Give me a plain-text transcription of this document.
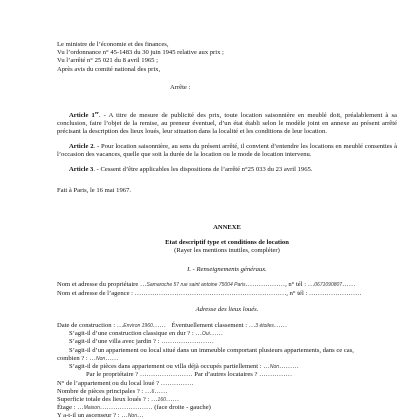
Le ministre de l’économie et des finances,
Vu l’ordonnance n° 45-1483 du 30 juin 1945 relative aux prix ;
Vu l’arrêté n° 25 021 du 8 avril 1965 ;
Après avis du comité national des prix,
Arrête :
Article 1er. - A titre de mesure de publicité des prix, toute location saisonnière en meublé doit, préalablement à sa conclusion, faire l’objet de la remise, au preneur éventuel, d’un état établi selon le modèle joint en annexe au présent arrêté précisant la description des lieux loués, leur situation dans la localité et les conditions de leur location.
Article 2. - Pour location saisonnière, au sens du présent arrêté, il convient d’entendre les locations en meublé consenties à l’occasion des vacances, quelle que soit la durée de la location ou le mode de location intervenu.
Article 3. - Cessent d’être applicables les dispositions de l’arrêté n°25 033 du 23 avril 1965.
Fait à Paris, le 16 mai 1967.
ANNEXE
Etat descriptif type et conditions de location
(Rayer les mentions inutiles, compléter)
I. - Renseignements généraux.
Nom et adresse du propriétaire …Samaroche 57 rue saint antoine 75004 Paris………………, n° tél : …0671090807……
Nom et adresse de l’agence : ……………………………………………………………, n° tél : ……………………
Adresse des lieux loués.
Date de construction : …Environ 1960…… Éventuellement classement : …3 étoiles……
S’agit-il d’une construction classique en dur ? : …Oui……
S’agit-il d’une villa avec jardin ? : ……………………
S’agit-il d’un appartement ou local situé dans un immeuble comportant plusieurs appartements, dans ce cas,
combien ? : …Non……
S’agit-il de pièces dans appartement ou villa déjà occupés partiellement : …Non………
Par le propriétaire ? …………………… Par d’autres locataires ? ……………
N° de l’appartement ou du local loué ? ……………
Nombre de pièces principales ? : …6……
Superficie totale des lieux loués ? : …160……
Étage : …Maison…………………… (face droite - gauche)
Y a-t-il un ascenseur ? : …Non…
